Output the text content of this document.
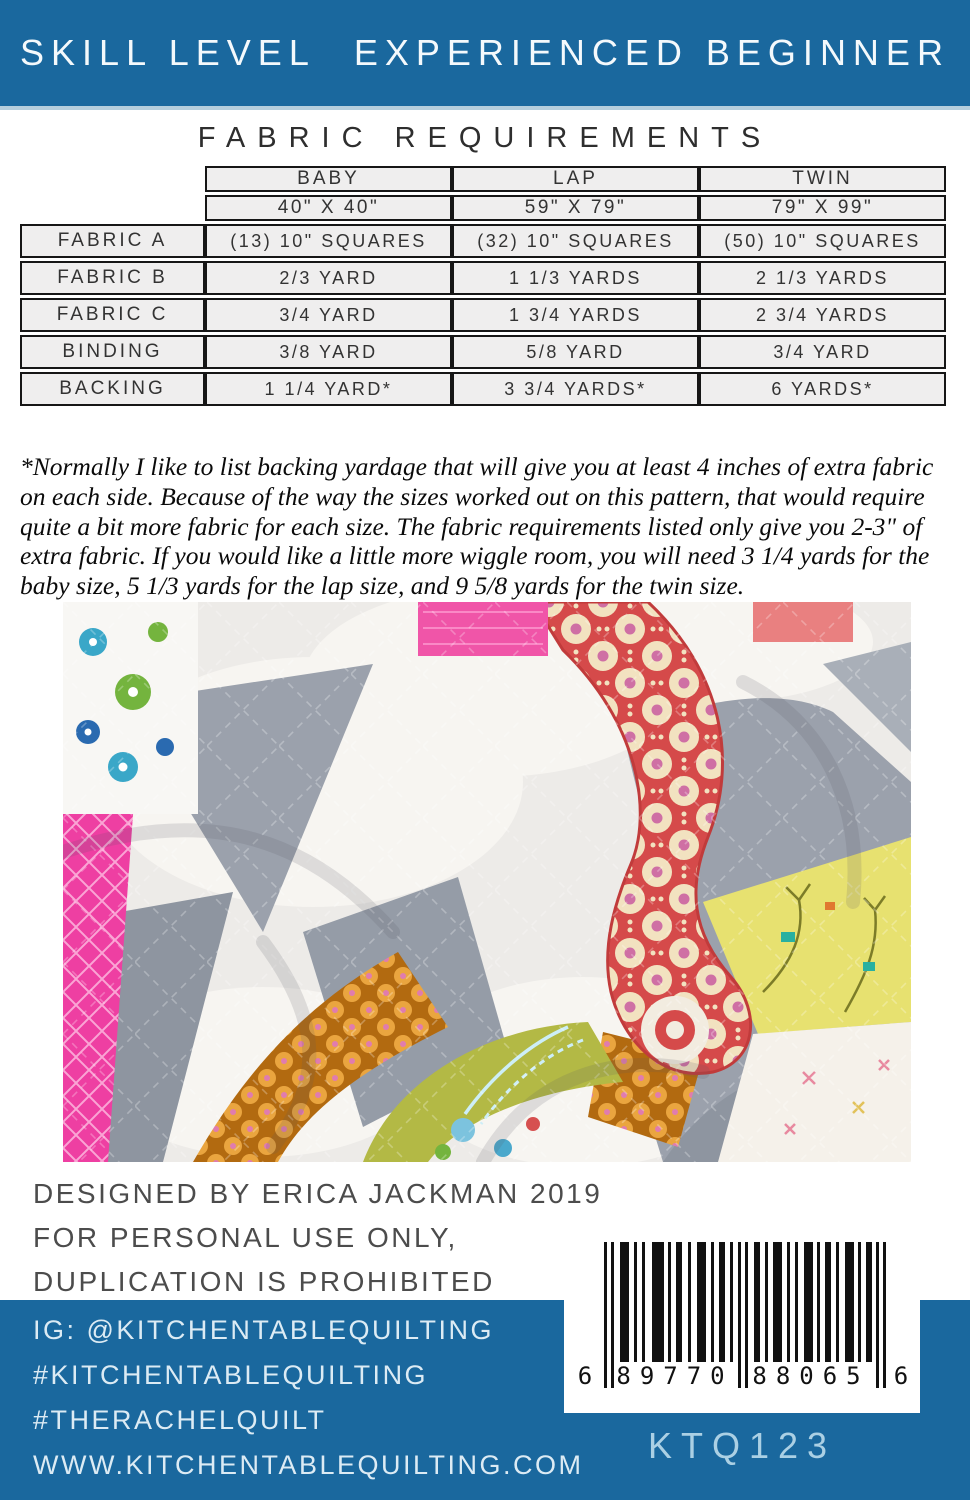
SKILL LEVEL EXPERIENCED BEGINNER
FABRIC REQUIREMENTS
	BABY	LAP	TWIN
	40" X 40"	59" X 79"	79" X 99"
FABRIC A	(13) 10" SQUARES	(32) 10" SQUARES	(50) 10" SQUARES
FABRIC B	2/3 YARD	1 1/3 YARDS	2 1/3 YARDS
FABRIC C	3/4 YARD	1 3/4 YARDS	2 3/4 YARDS
BINDING	3/8 YARD	5/8 YARD	3/4 YARD
BACKING	1 1/4 YARD*	3 3/4 YARDS*	6 YARDS*
*Normally I like to list backing yardage that will give you at least 4 inches of extra fabric on each side. Because of the way the sizes worked out on this pattern, that would require quite a bit more fabric for each size. The fabric requirements listed only give you 2-3" of extra fabric. If you would like a little more wiggle room, you will need 3 1/4 yards for the baby size, 5 1/3 yards for the lap size, and 9 5/8 yards for the twin size.
DESIGNED BY ERICA JACKMAN 2019
FOR PERSONAL USE ONLY,
DUPLICATION IS PROHIBITED
IG: @KITCHENTABLEQUILTING
#KITCHENTABLEQUILTING
#THERACHELQUILT
WWW.KITCHENTABLEQUILTING.COM
6	89770 88065	6
KTQ123
